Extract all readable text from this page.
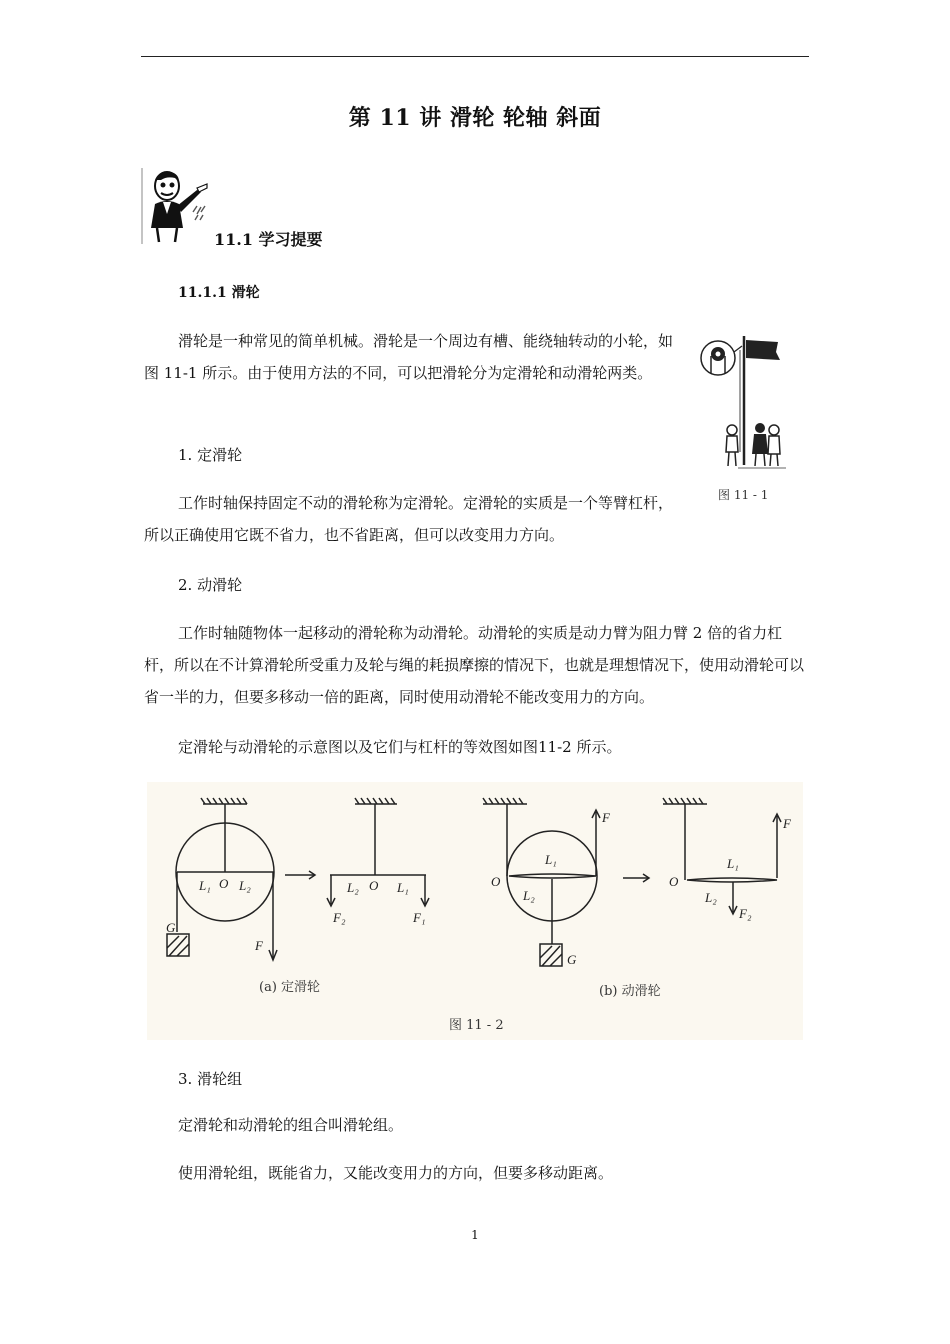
第 11 讲 滑轮 轮轴 斜面
11.1 学习提要
11.1.1 滑轮
滑轮是一种常见的简单机械。滑轮是一个周边有槽、能绕轴转动的小轮，如图 11-1 所示。由于使用方法的不同，可以把滑轮分为定滑轮和动滑轮两类。
图 11 - 1
1. 定滑轮
工作时轴保持固定不动的滑轮称为定滑轮。定滑轮的实质是一个等臂杠杆，所以正确使用它既不省力，也不省距离，但可以改变用力方向。
2. 动滑轮
工作时轴随物体一起移动的滑轮称为动滑轮。动滑轮的实质是动力臂为阻力臂 2 倍的省力杠杆，所以在不计算滑轮所受重力及轮与绳的耗损摩擦的情况下，也就是理想情况下，使用动滑轮可以省一半的力，但要多移动一倍的距离，同时使用动滑轮不能改变用力的方向。
定滑轮与动滑轮的示意图以及它们与杠杆的等效图如图11-2 所示。
L₁ O L₂
G
F
L₂ O L₁
F₂	F₁
L₁
O
L₂
F
G
L₁
O
L₂
F
F₂
(a) 定滑轮	(b) 动滑轮
图 11 - 2
3. 滑轮组
定滑轮和动滑轮的组合叫滑轮组。
使用滑轮组，既能省力，又能改变用力的方向，但要多移动距离。
1
